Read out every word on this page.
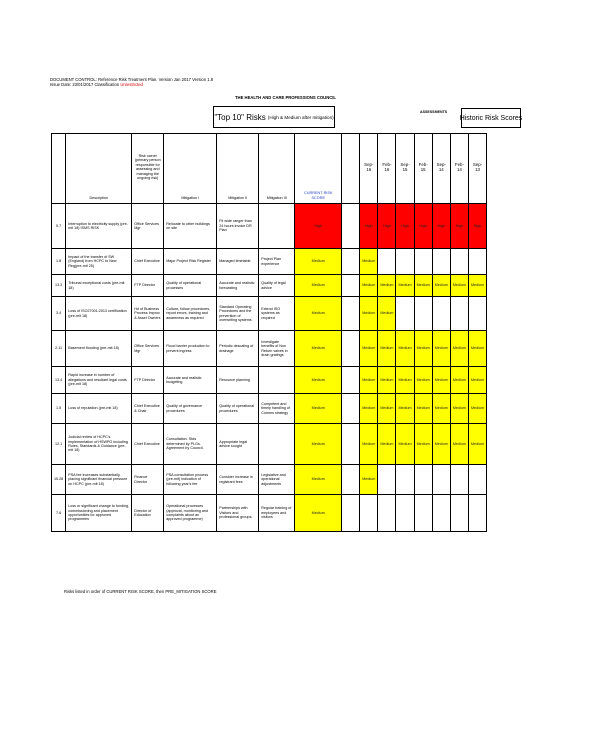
DOCUMENT CONTROL: Reference Risk Treatment Plan. Version Jan 2017 Version 1.8
Issue Date: 23/01/2017 Classification Unrestricted
THE HEALTH AND CARE PROFESSIONS COUNCIL
"Top 10" Risks (High & Medium after mitigation)
ASSESSMENTS
Historic Risk Scores
	Description	Risk owner (primary person responsible for assessing and managing the ongoing risk)	Mitigation I	Mitigation II	Mitigation III	CURRENT RISK SCORE		Sep-16	Feb-16	Sep-15	Feb-15	Sep-14	Feb-14	Sep-13
5.7	Interruption to electricity supply (pre-mit 18) ISMS RISK	Office Services Mgr	Relocate to other buildings on site	Fit wide ranger than 24 hours invoke DR Plan		High		High	High	High	High	High	High	High
1.8	Impact of the transfer of SW (England) from HCPC to New Reg(pre-mit 25)	Chief Executive	Major Project Risk Register	Managed timetable	Project Plan experience	Medium		Medium						
13.3	Tribunal exceptional costs (pre-mit 18)	FTP Director	Quality of operational processes	Accurate and realistic forecasting	Quality of legal advice	Medium		Medium	Medium	Medium	Medium	Medium	Medium	Medium
3.4	Loss of ISO27001:2013 certification (pre-mit 18)	Hd of Business Process Improv & Asset Owners	Culture, follow procedures, report errors, training and awareness as required	Standard Operating Procedures and the prevention of overwriting systems	Extend ISO systems as required	Medium		Medium	Medium					
2.11	Basement flooding (pre-mit 18)	Office Services Mgr	Flood barrier production to prevent ingress	Periodic descaling of drainage	Investigate benefits of Non Return valves in drain gratings	Medium		Medium	Medium	Medium	Medium	Medium	Medium	Medium
13.4	Rapid increase in number of allegations and resultant legal costs (pre-mit 18)	FTP Director	Accurate and realistic budgeting	Resource planning		Medium		Medium	Medium	Medium	Medium	Medium	Medium	Medium
1.5	Loss of reputation (pre-mit 18)	Chief Executive & Chair	Quality of governance procedures	Quality of operational procedures	Competent and timely handling of Comms strategy	Medium		Medium	Medium	Medium	Medium	Medium	Medium	Medium
12.1	Judicial review of HCPC's implementation of HSWPO including Rules, Standards & Guidance (pre-mit 18)	Chief Executive	Consultation. Stds determined by PLGs. Agreement by Council.	Appropriate legal advice sought		Medium		Medium	Medium	Medium	Medium	Medium	Medium	Medium
15.28	PSA fee increases substantially, placing significant financial pressure on HCPC (pre-mit 18)	Finance Director	PSA consultation process (pre-mit) indication of following year's fee	Consider increase in registrant fees	Legislative and operational adjustments	Medium		Medium						
7.6	Loss or significant change to funding, commissioning and placement opportunities for approved programmes	Director of Education	Operational processes (approval, monitoring and complaints about an approved programme)	Partnerships with Visitors and professional groups.	Regular training of employees and visitors	Medium								
Risks listed in order of CURRENT RISK SCORE, then PRE_MITIGATION SCORE
